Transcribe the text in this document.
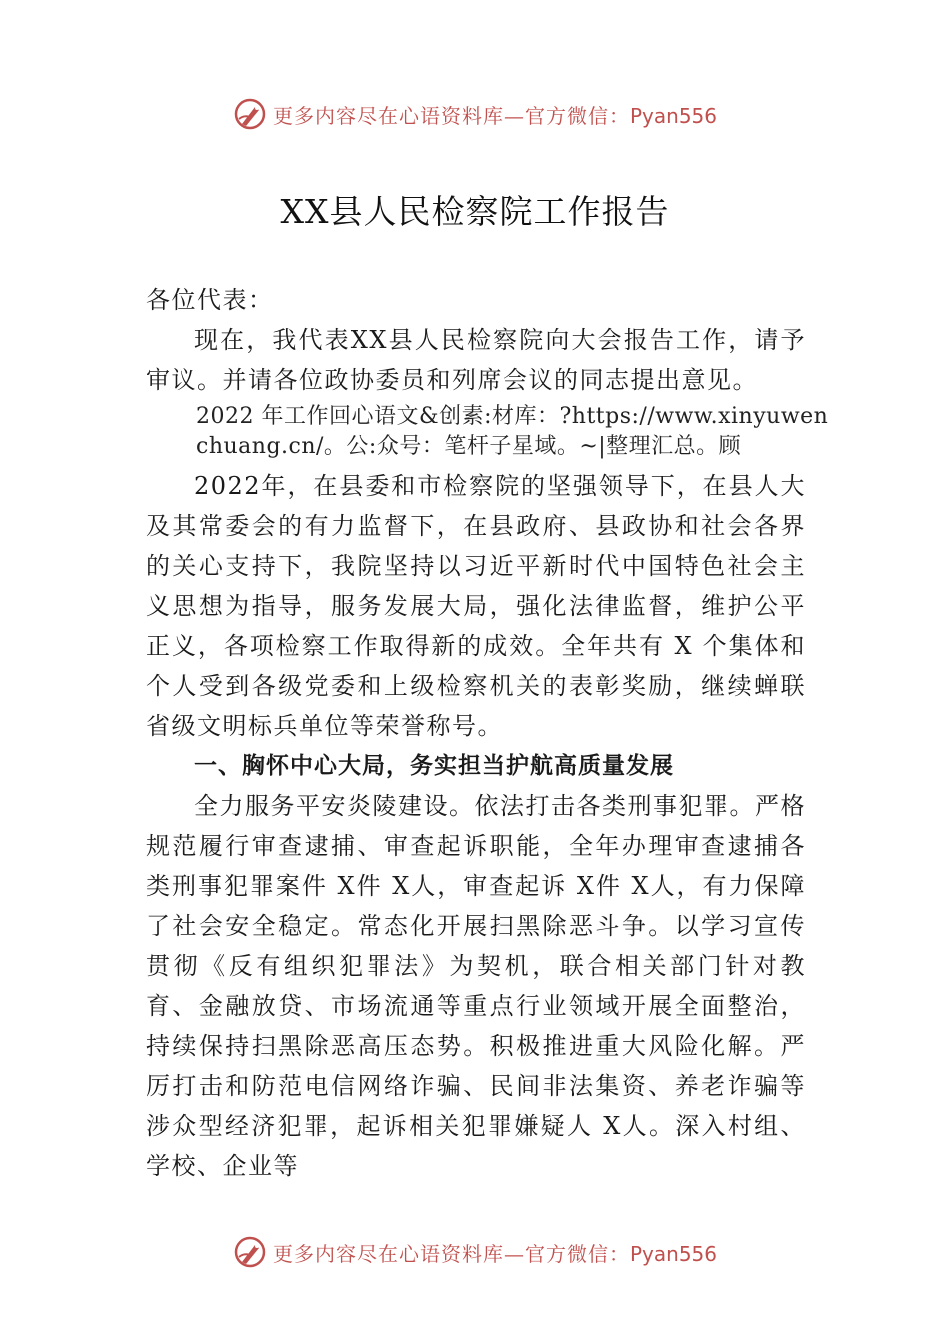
更多内容尽在心语资料库—官方微信：Pyan556
XX县人民检察院工作报告

各位代表：

现在，我代表XX县人民检察院向大会报告工作，请予审议。并请各位政协委员和列席会议的同志提出意见。

2022 年工作回心语文&创素:材库：?https://www.xinyuwenchuang.cn/。公:众号：笔杆子星域。~|整理汇总。顾

2022年，在县委和市检察院的坚强领导下，在县人大及其常委会的有力监督下，在县政府、县政协和社会各界的关心支持下，我院坚持以习近平新时代中国特色社会主义思想为指导，服务发展大局，强化法律监督，维护公平正义，各项检察工作取得新的成效。全年共有 X 个集体和个人受到各级党委和上级检察机关的表彰奖励，继续蝉联省级文明标兵单位等荣誉称号。

一、胸怀中心大局，务实担当护航高质量发展

全力服务平安炎陵建设。依法打击各类刑事犯罪。严格规范履行审查逮捕、审查起诉职能，全年办理审查逮捕各类刑事犯罪案件 X件 X人，审查起诉 X件 X人，有力保障了社会安全稳定。常态化开展扫黑除恶斗争。以学习宣传贯彻《反有组织犯罪法》为契机，联合相关部门针对教育、金融放贷、市场流通等重点行业领域开展全面整治，持续保持扫黑除恶高压态势。积极推进重大风险化解。严厉打击和防范电信网络诈骗、民间非法集资、养老诈骗等涉众型经济犯罪，起诉相关犯罪嫌疑人 X人。深入村组、学校、企业等

更多内容尽在心语资料库—官方微信：Pyan556
